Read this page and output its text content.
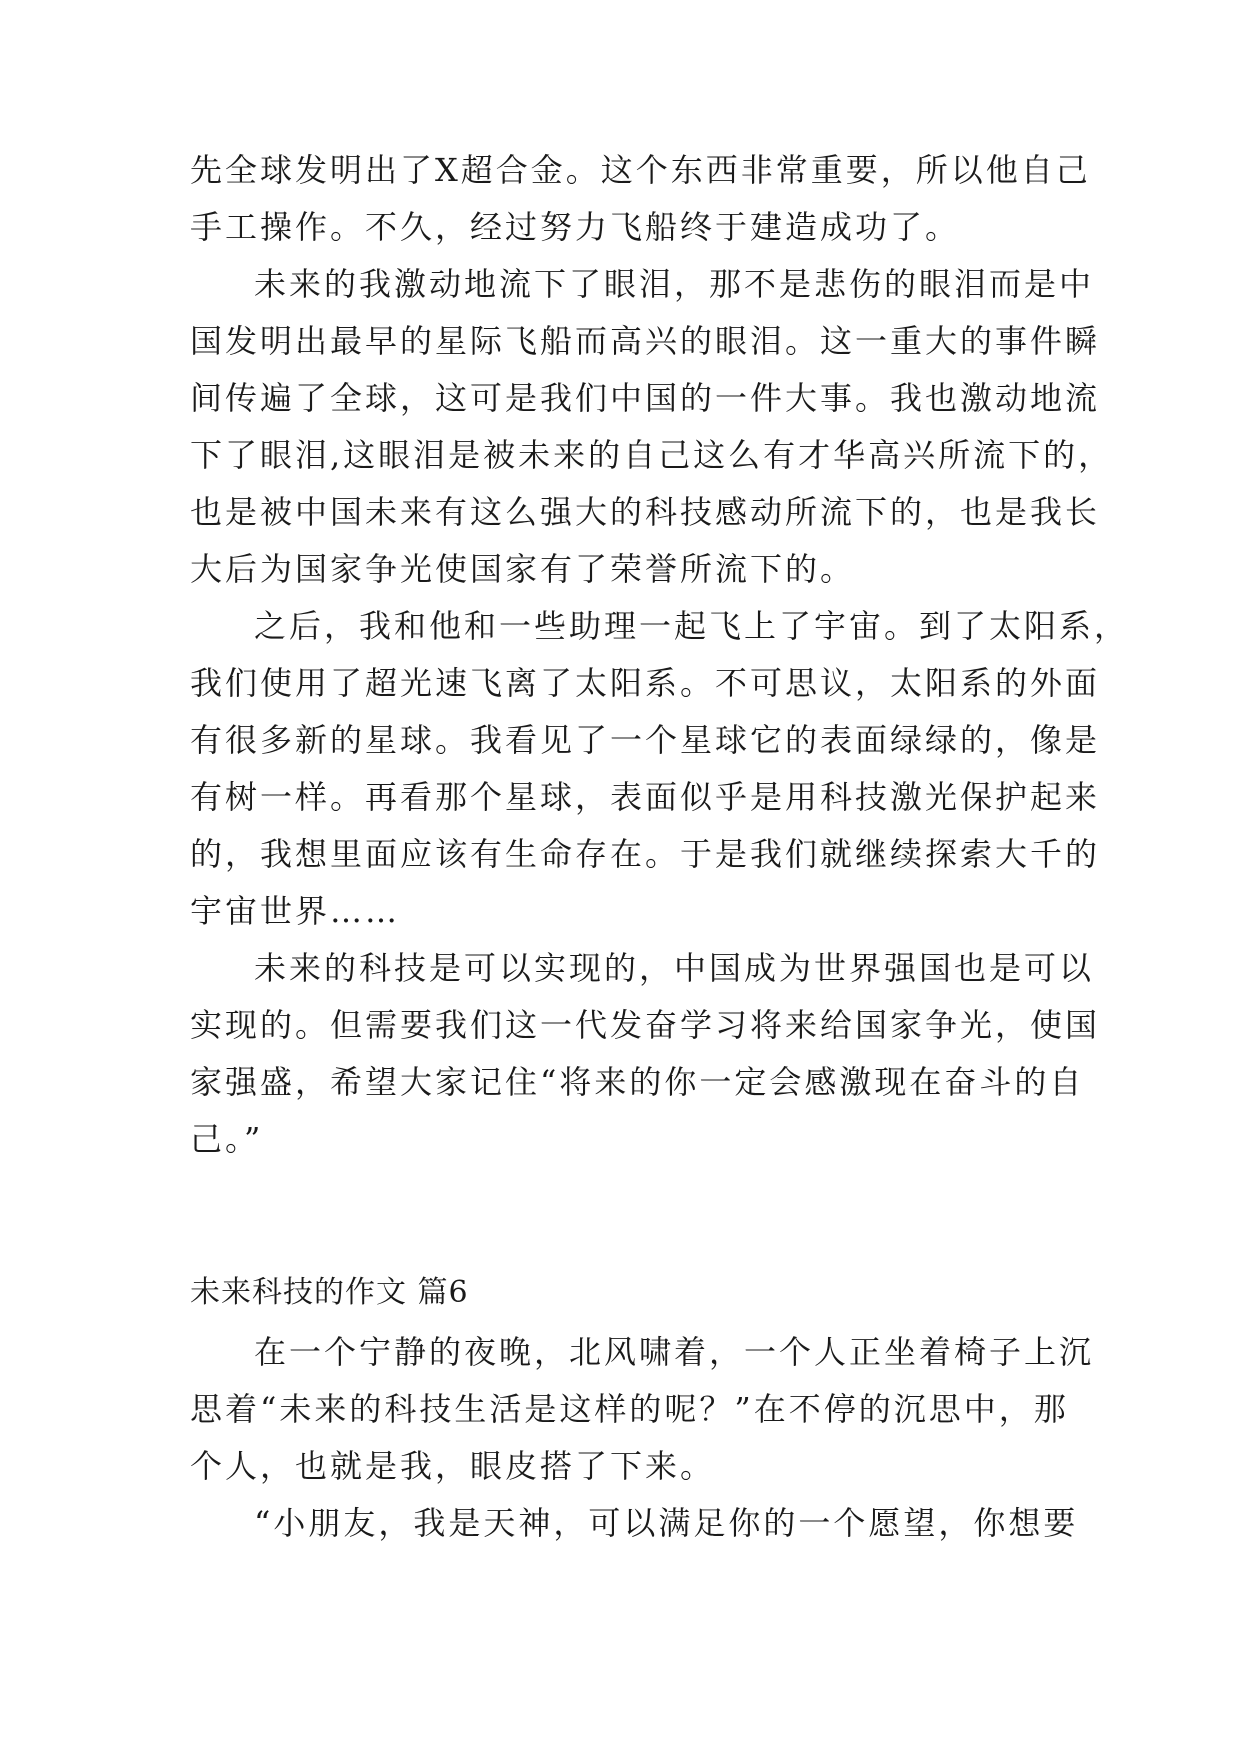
先全球发明出了X超合金。这个东西非常重要，所以他自己
手工操作。不久，经过努力飞船终于建造成功了。
未来的我激动地流下了眼泪，那不是悲伤的眼泪而是中
国发明出最早的星际飞船而高兴的眼泪。这一重大的事件瞬
间传遍了全球，这可是我们中国的一件大事。我也激动地流
下了眼泪,这眼泪是被未来的自己这么有才华高兴所流下的，
也是被中国未来有这么强大的科技感动所流下的，也是我长
大后为国家争光使国家有了荣誉所流下的。
之后，我和他和一些助理一起飞上了宇宙。到了太阳系，
我们使用了超光速飞离了太阳系。不可思议，太阳系的外面
有很多新的星球。我看见了一个星球它的表面绿绿的，像是
有树一样。再看那个星球，表面似乎是用科技激光保护起来
的，我想里面应该有生命存在。于是我们就继续探索大千的
宇宙世界……
未来的科技是可以实现的，中国成为世界强国也是可以
实现的。但需要我们这一代发奋学习将来给国家争光，使国
家强盛，希望大家记住“将来的你一定会感激现在奋斗的自
己。”
未来科技的作文 篇6
在一个宁静的夜晚，北风啸着，一个人正坐着椅子上沉
思着“未来的科技生活是这样的呢？”在不停的沉思中，那
个人，也就是我，眼皮搭了下来。
“小朋友，我是天神，可以满足你的一个愿望，你想要
